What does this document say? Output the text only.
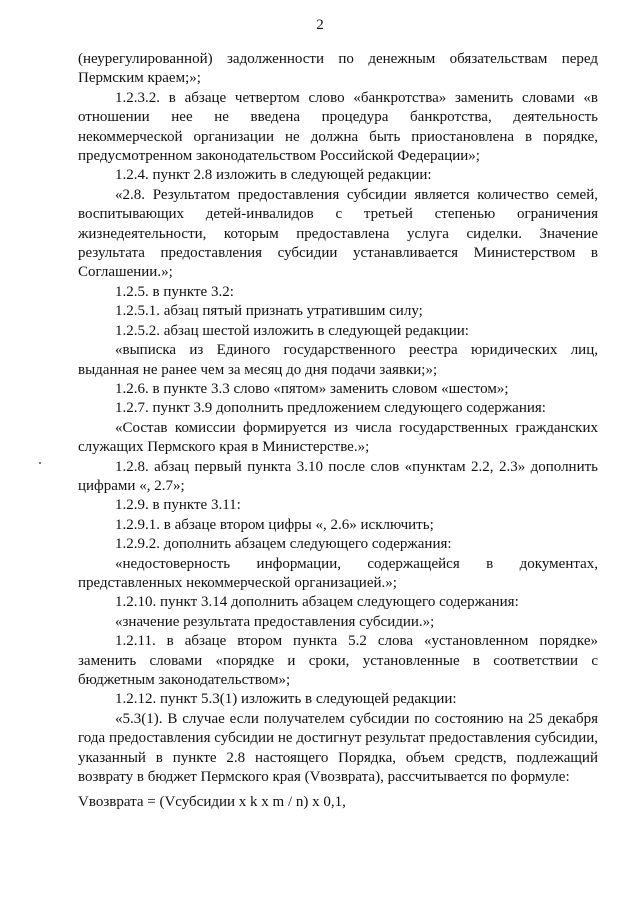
2

(неурегулированной) задолженности по денежным обязательствам перед Пермским краем;»;

1.2.3.2. в абзаце четвертом слово «банкротства» заменить словами «в отношении нее не введена процедура банкротства, деятельность некоммерческой организации не должна быть приостановлена в порядке, предусмотренном законодательством Российской Федерации»;

1.2.4. пункт 2.8 изложить в следующей редакции:

«2.8. Результатом предоставления субсидии является количество семей, воспитывающих детей-инвалидов с третьей степенью ограничения жизнедеятельности, которым предоставлена услуга сиделки. Значение результата предоставления субсидии устанавливается Министерством в Соглашении.»;

1.2.5. в пункте 3.2:

1.2.5.1. абзац пятый признать утратившим силу;

1.2.5.2. абзац шестой изложить в следующей редакции:

«выписка из Единого государственного реестра юридических лиц, выданная не ранее чем за месяц до дня подачи заявки;»;

1.2.6. в пункте 3.3 слово «пятом» заменить словом «шестом»;

1.2.7. пункт 3.9 дополнить предложением следующего содержания:

«Состав комиссии формируется из числа государственных гражданских служащих Пермского края в Министерстве.»;

1.2.8. абзац первый пункта 3.10 после слов «пунктам 2.2, 2.3» дополнить цифрами «, 2.7»;

1.2.9. в пункте 3.11:

1.2.9.1. в абзаце втором цифры «, 2.6» исключить;

1.2.9.2. дополнить абзацем следующего содержания:

«недостоверность информации, содержащейся в документах, представленных некоммерческой организацией.»;

1.2.10. пункт 3.14 дополнить абзацем следующего содержания:

«значение результата предоставления субсидии.»;

1.2.11. в абзаце втором пункта 5.2 слова «установленном порядке» заменить словами «порядке и сроки, установленные в соответствии с бюджетным законодательством»;

1.2.12. пункт 5.3(1) изложить в следующей редакции:

«5.3(1). В случае если получателем субсидии по состоянию на 25 декабря года предоставления субсидии не достигнут результат предоставления субсидии, указанный в пункте 2.8 настоящего Порядка, объем средств, подлежащий возврату в бюджет Пермского края (Vвозврата), рассчитывается по формуле:

Vвозврата = (Vсубсидии x k x m / n) x 0,1,
